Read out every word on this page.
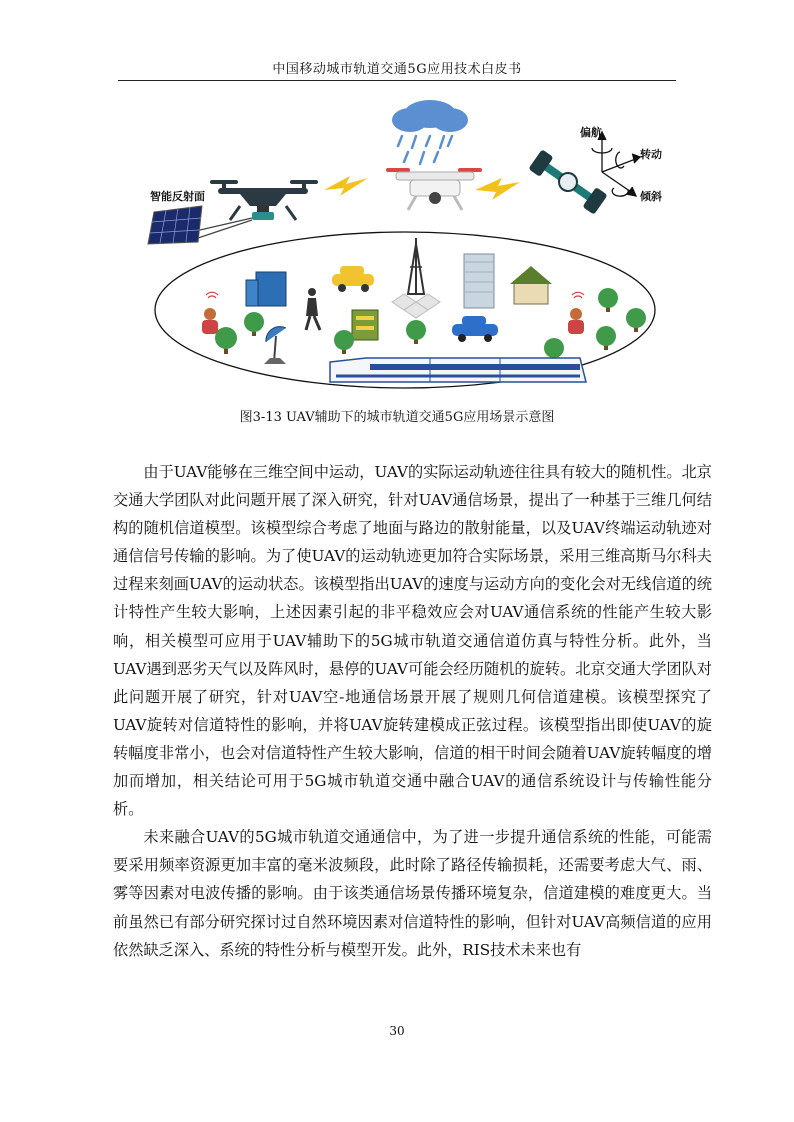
中国移动城市轨道交通5G应用技术白皮书
智能反射面
偏航
转动
倾斜
图3-13 UAV辅助下的城市轨道交通5G应用场景示意图

由于UAV能够在三维空间中运动，UAV的实际运动轨迹往往具有较大的随机性。北京交通大学团队对此问题开展了深入研究，针对UAV通信场景，提出了一种基于三维几何结构的随机信道模型。该模型综合考虑了地面与路边的散射能量，以及UAV终端运动轨迹对通信信号传输的影响。为了使UAV的运动轨迹更加符合实际场景，采用三维高斯马尔科夫过程来刻画UAV的运动状态。该模型指出UAV的速度与运动方向的变化会对无线信道的统计特性产生较大影响，上述因素引起的非平稳效应会对UAV通信系统的性能产生较大影响，相关模型可应用于UAV辅助下的5G城市轨道交通信道仿真与特性分析。此外，当UAV遇到恶劣天气以及阵风时，悬停的UAV可能会经历随机的旋转。北京交通大学团队对此问题开展了研究，针对UAV空-地通信场景开展了规则几何信道建模。该模型探究了UAV旋转对信道特性的影响，并将UAV旋转建模成正弦过程。该模型指出即使UAV的旋转幅度非常小，也会对信道特性产生较大影响，信道的相干时间会随着UAV旋转幅度的增加而增加，相关结论可用于5G城市轨道交通中融合UAV的通信系统设计与传输性能分析。

未来融合UAV的5G城市轨道交通通信中，为了进一步提升通信系统的性能，可能需要采用频率资源更加丰富的毫米波频段，此时除了路径传输损耗，还需要考虑大气、雨、雾等因素对电波传播的影响。由于该类通信场景传播环境复杂，信道建模的难度更大。当前虽然已有部分研究探讨过自然环境因素对信道特性的影响，但针对UAV高频信道的应用依然缺乏深入、系统的特性分析与模型开发。此外，RIS技术未来也有

30
